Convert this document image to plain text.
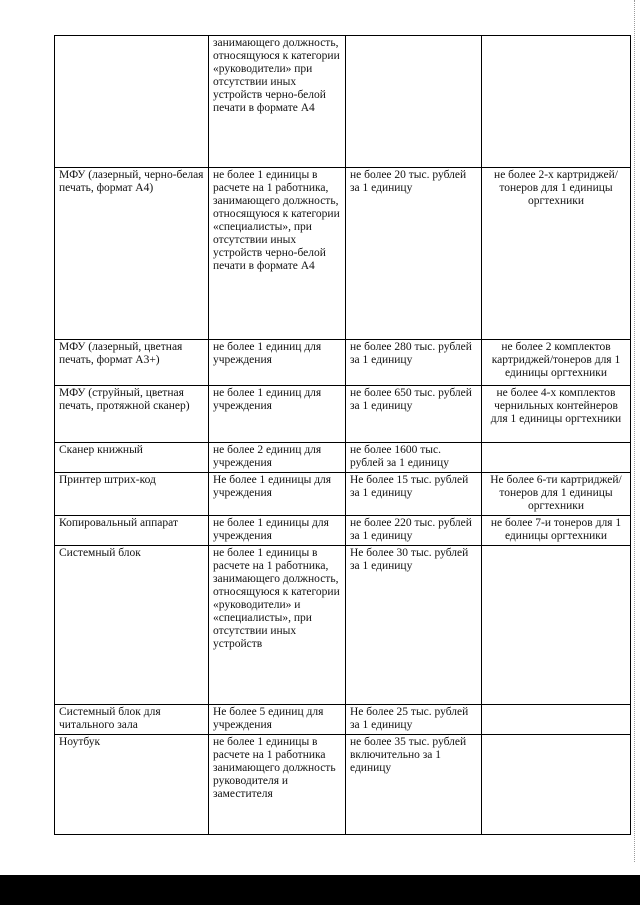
	занимающего должность, относящуюся к категории «руководители» при отсутствии иных устройств черно-белой печати в формате А4		
МФУ (лазерный, черно-белая печать, формат А4)	не более 1 единицы в расчете на 1 работника, занимающего должность, относящуюся к категории «специалисты», при отсутствии иных устройств черно-белой печати в формате А4	не более 20 тыс. рублей за 1 единицу	не более 2-х картриджей/тонеров для 1 единицы оргтехники
МФУ (лазерный, цветная печать, формат А3+)	не более 1 единиц для учреждения	не более 280 тыс. рублей за 1 единицу	не более 2 комплектов картриджей/тонеров для 1 единицы оргтехники
МФУ (струйный, цветная печать, протяжной сканер)	не более 1 единиц для учреждения	не более 650 тыс. рублей за 1 единицу	не более 4-х комплектов чернильных контейнеров для 1 единицы оргтехники
Сканер книжный	не более 2 единиц для учреждения	не более 1600 тыс. рублей за 1 единицу	
Принтер штрих-код	Не более 1 единицы для учреждения	Не более 15 тыс. рублей за 1 единицу	Не более 6-ти картриджей/тонеров для 1 единицы оргтехники
Копировальный аппарат	не более 1 единицы для учреждения	не более 220 тыс. рублей за 1 единицу	не более 7-и тонеров для 1 единицы оргтехники
Системный блок	не более 1 единицы в расчете на 1 работника, занимающего должность, относящуюся к категории «руководители» и «специалисты», при отсутствии иных устройств	Не более 30 тыс. рублей за 1 единицу	
Системный блок для читального зала	Не более 5 единиц для учреждения	Не более 25 тыс. рублей за 1 единицу	
Ноутбук	не более 1 единицы в расчете на 1 работника занимающего должность руководителя и заместителя	не более 35 тыс. рублей включительно за 1 единицу	
